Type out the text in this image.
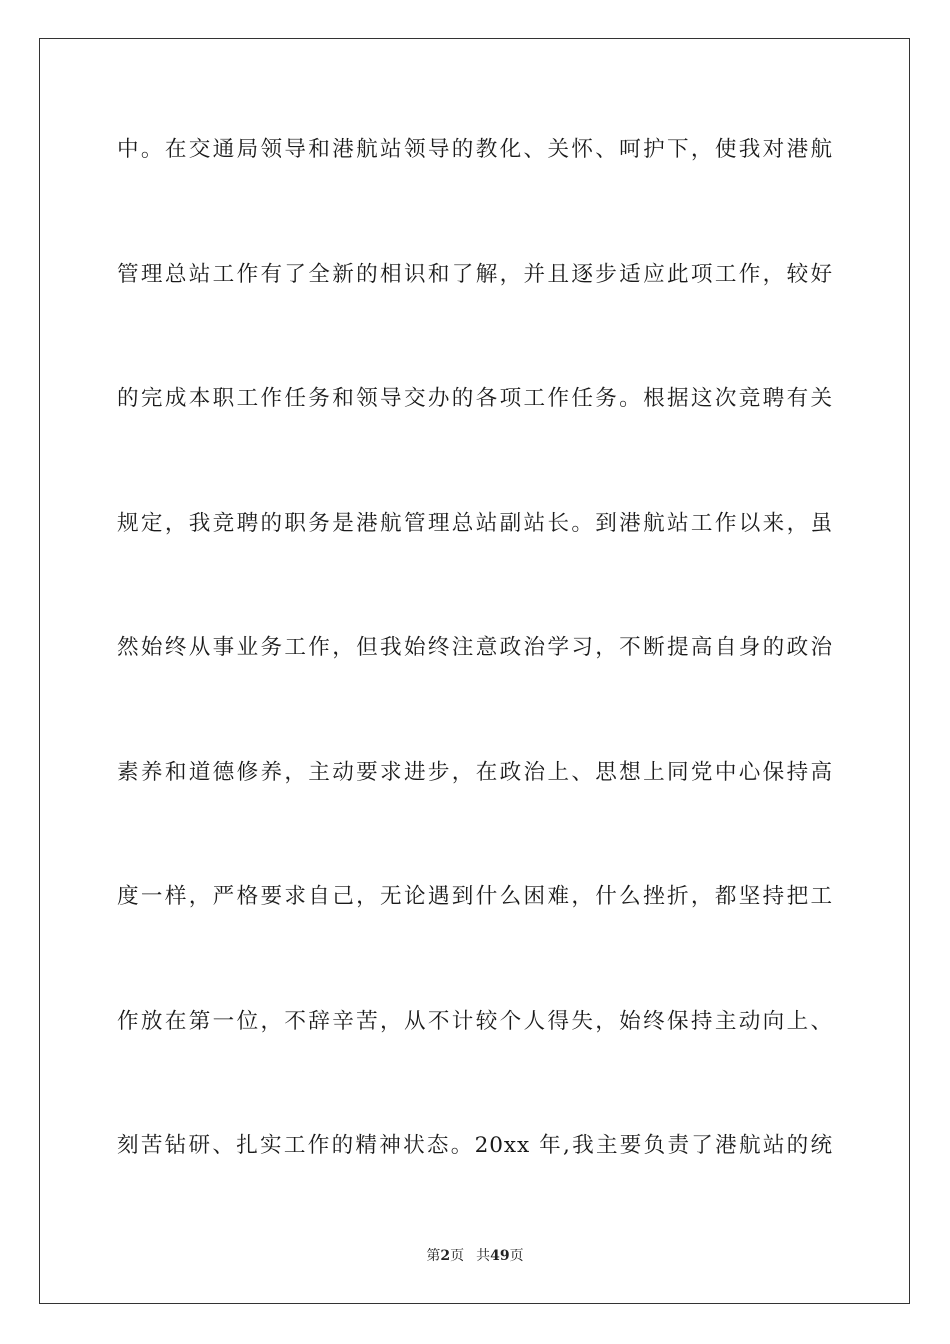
中。在交通局领导和港航站领导的教化、关怀、呵护下，使我对港航
管理总站工作有了全新的相识和了解，并且逐步适应此项工作，较好
的完成本职工作任务和领导交办的各项工作任务。根据这次竞聘有关
规定，我竞聘的职务是港航管理总站副站长。到港航站工作以来，虽
然始终从事业务工作，但我始终注意政治学习，不断提高自身的政治
素养和道德修养，主动要求进步，在政治上、思想上同党中心保持高
度一样，严格要求自己，无论遇到什么困难，什么挫折，都坚持把工
作放在第一位，不辞辛苦，从不计较个人得失，始终保持主动向上、
刻苦钻研、扎实工作的精神状态。20xx 年,我主要负责了港航站的统
第2页 共49页
